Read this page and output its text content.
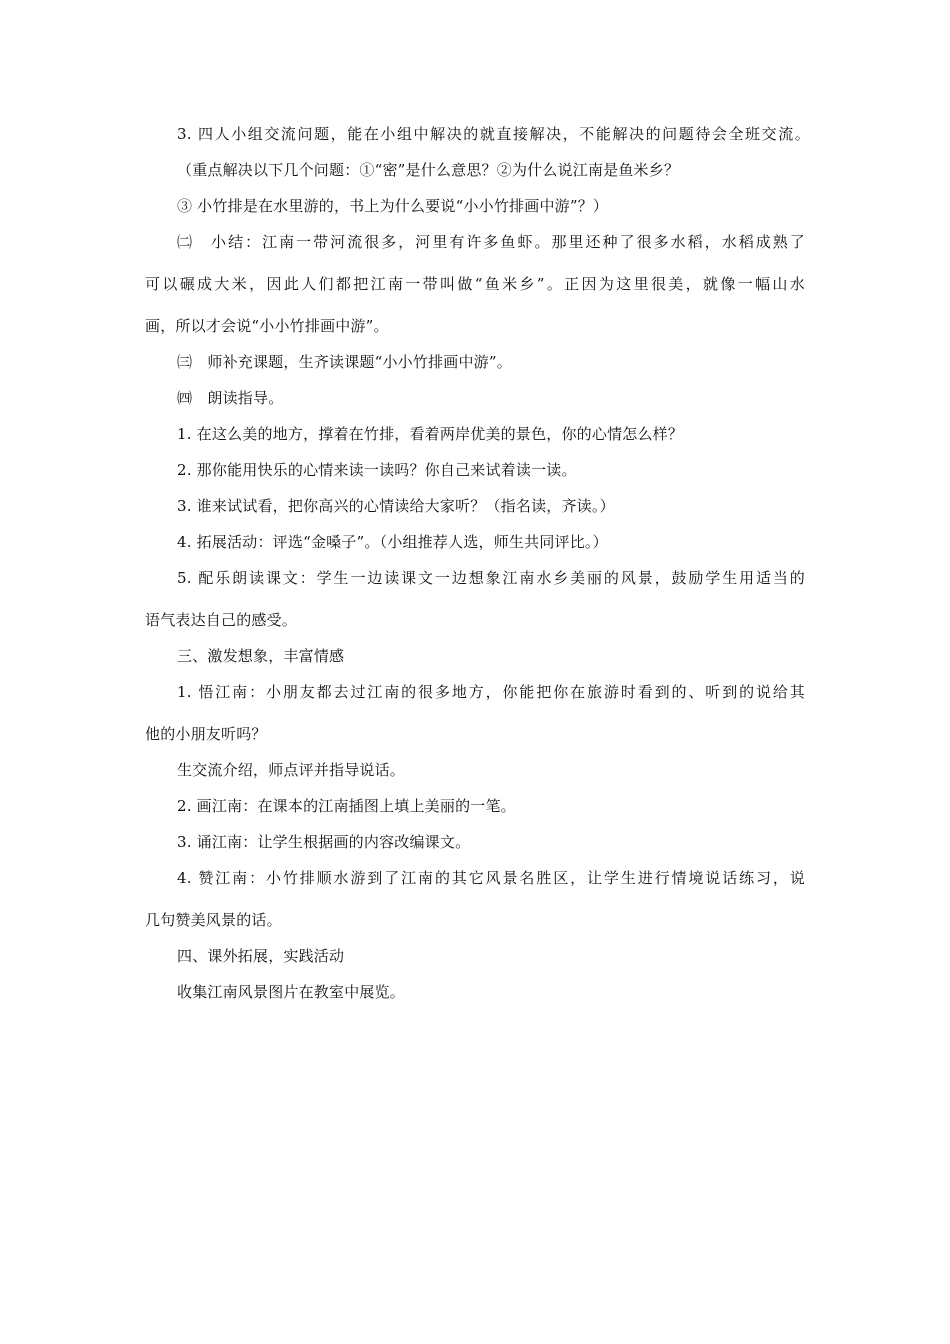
3. 四人小组交流问题，能在小组中解决的就直接解决，不能解决的问题待会全班交流。
（重点解决以下几个问题：①“密”是什么意思？②为什么说江南是鱼米乡？
③ 小竹排是在水里游的，书上为什么要说“小小竹排画中游”？）
㈡　小结：江南一带河流很多，河里有许多鱼虾。那里还种了很多水稻，水稻成熟了
可以碾成大米，因此人们都把江南一带叫做“鱼米乡”。正因为这里很美，就像一幅山水
画，所以才会说“小小竹排画中游”。
㈢　师补充课题，生齐读课题“小小竹排画中游”。
㈣　朗读指导。
1. 在这么美的地方，撑着在竹排，看着两岸优美的景色，你的心情怎么样？
2. 那你能用快乐的心情来读一读吗？你自己来试着读一读。
3. 谁来试试看，把你高兴的心情读给大家听？（指名读，齐读。）
4. 拓展活动：评选“金嗓子”。（小组推荐人选，师生共同评比。）
5. 配乐朗读课文：学生一边读课文一边想象江南水乡美丽的风景，鼓励学生用适当的
语气表达自己的感受。
三、激发想象，丰富情感
1. 悟江南：小朋友都去过江南的很多地方，你能把你在旅游时看到的、听到的说给其
他的小朋友听吗？
生交流介绍，师点评并指导说话。
2. 画江南：在课本的江南插图上填上美丽的一笔。
3. 诵江南：让学生根据画的内容改编课文。
4. 赞江南：小竹排顺水游到了江南的其它风景名胜区，让学生进行情境说话练习，说
几句赞美风景的话。
四、课外拓展，实践活动
收集江南风景图片在教室中展览。
